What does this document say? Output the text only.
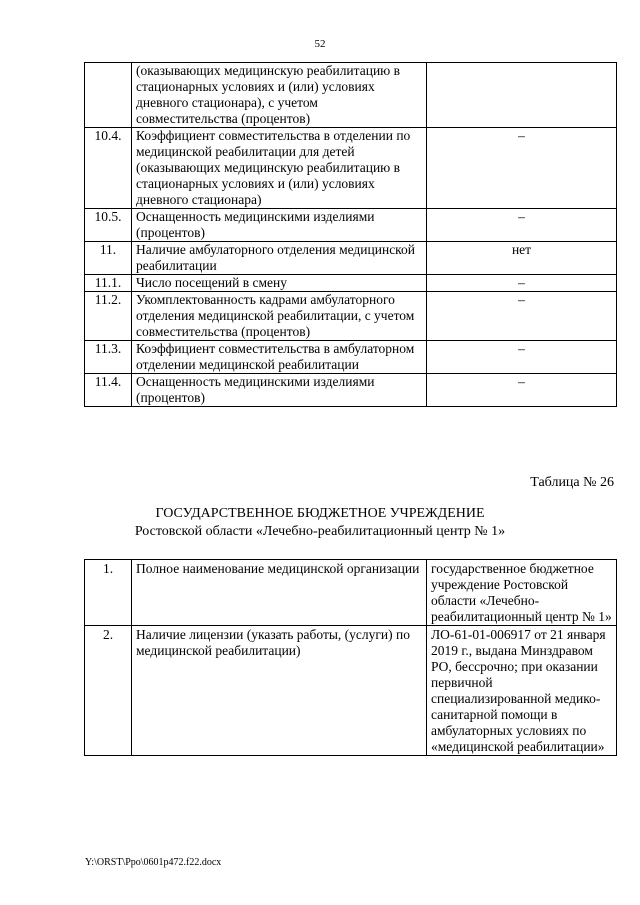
52
	(оказывающих медицинскую реабилитацию в стационарных условиях и (или) условиях дневного стационара), с учетом совместительства (процентов)	
10.4.	Коэффициент совместительства в отделении по медицинской реабилитации для детей (оказывающих медицинскую реабилитацию в стационарных условиях и (или) условиях дневного стационара)	–
10.5.	Оснащенность медицинскими изделиями (процентов)	–
11.	Наличие амбулаторного отделения медицинской реабилитации	нет
11.1.	Число посещений в смену	–
11.2.	Укомплектованность кадрами амбулаторного отделения медицинской реабилитации, с учетом совместительства (процентов)	–
11.3.	Коэффициент совместительства в амбулаторном отделении медицинской реабилитации	–
11.4.	Оснащенность медицинскими изделиями (процентов)	–
Таблица № 26
ГОСУДАРСТВЕННОЕ БЮДЖЕТНОЕ УЧРЕЖДЕНИЕ
Ростовской области «Лечебно-реабилитационный центр № 1»
1.	Полное наименование медицинской организации	государственное бюджетное учреждение Ростовской области «Лечебно-реабилитационный центр № 1»
2.	Наличие лицензии (указать работы, (услуги) по медицинской реабилитации)	ЛО-61-01-006917 от 21 января 2019 г., выдана Минздравом РО, бессрочно; при оказании первичной специализированной медико-санитарной помощи в амбулаторных условиях по «медицинской реабилитации»
Y:\ORST\Ppo\0601p472.f22.docx
